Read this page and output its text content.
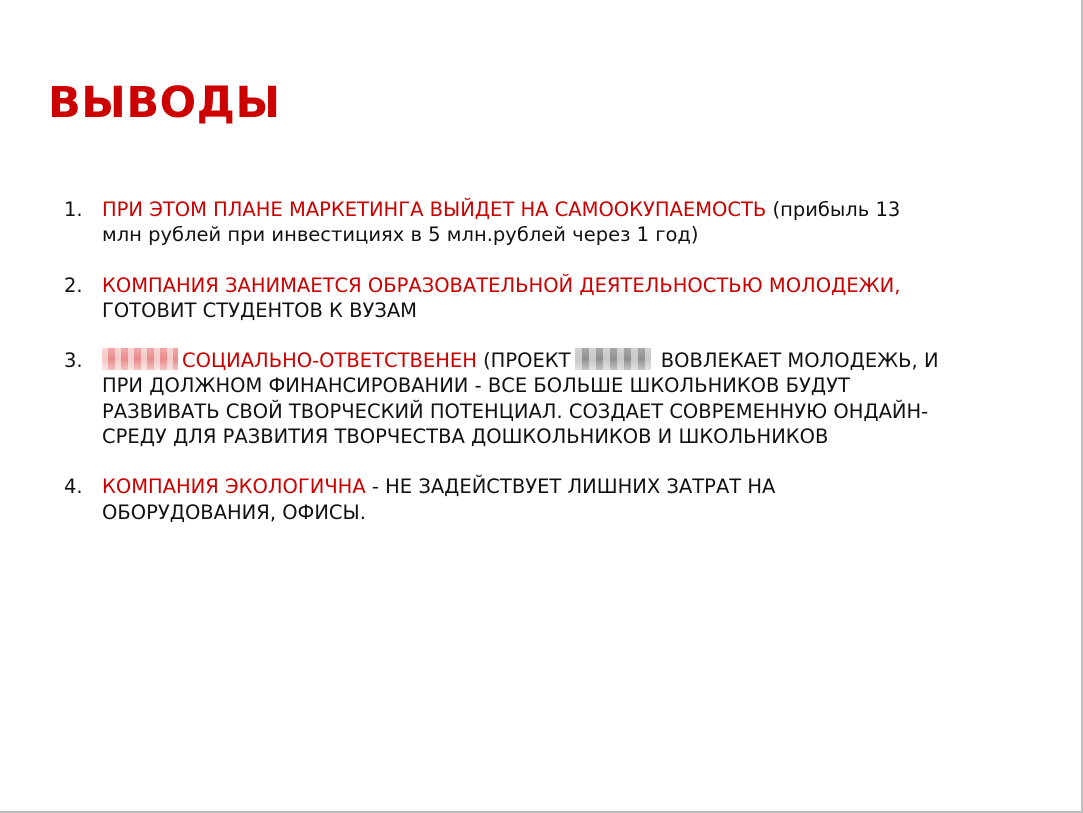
ВЫВОДЫ
1. ПРИ ЭТОМ ПЛАНЕ МАРКЕТИНГА ВЫЙДЕТ НА САМООКУПАЕМОСТЬ (прибыль 13 млн рублей при инвестициях в 5 млн.рублей через 1 год)
2. КОМПАНИЯ ЗАНИМАЕТСЯ ОБРАЗОВАТЕЛЬНОЙ ДЕЯТЕЛЬНОСТЬЮ МОЛОДЕЖИ, ГОТОВИТ СТУДЕНТОВ К ВУЗАМ
3.	СОЦИАЛЬНО-ОТВЕТСТВЕНЕН (ПРОЕКТ	ВОВЛЕКАЕТ МОЛОДЕЖЬ, И ПРИ ДОЛЖНОМ ФИНАНСИРОВАНИИ - ВСЕ БОЛЬШЕ ШКОЛЬНИКОВ БУДУТ РАЗВИВАТЬ СВОЙ ТВОРЧЕСКИЙ ПОТЕНЦИАЛ. СОЗДАЕТ СОВРЕМЕННУЮ ОНДАЙН-СРЕДУ ДЛЯ РАЗВИТИЯ ТВОРЧЕСТВА ДОШКОЛЬНИКОВ И ШКОЛЬНИКОВ
4. КОМПАНИЯ ЭКОЛОГИЧНА - НЕ ЗАДЕЙСТВУЕТ ЛИШНИХ ЗАТРАТ НА ОБОРУДОВАНИЯ, ОФИСЫ.
